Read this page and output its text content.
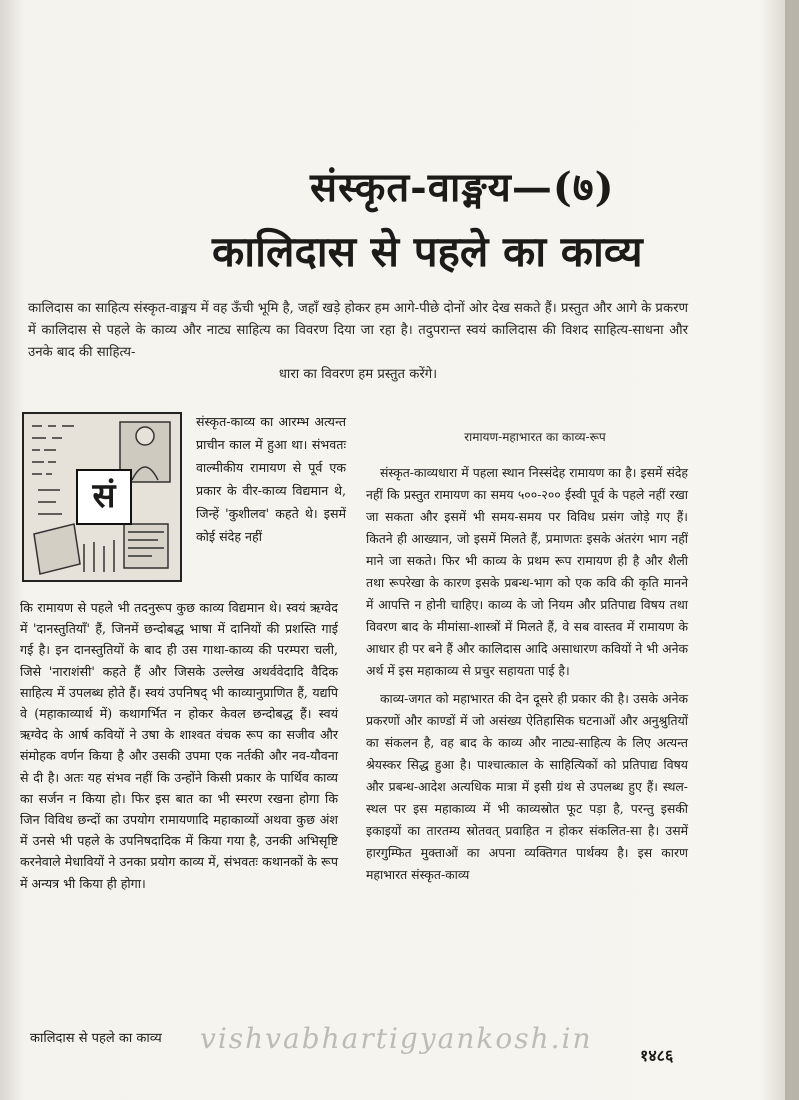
संस्कृत-वाङ्मय—(७)
कालिदास से पहले का काव्य
कालिदास का साहित्य संस्कृत-वाङ्मय में वह ऊँची भूमि है, जहाँ खड़े होकर हम आगे-पीछे दोनों ओर देख सकते हैं। प्रस्तुत और आगे के प्रकरण में कालिदास से पहले के काव्य और नाट्य साहित्य का विवरण दिया जा रहा है। तदुपरान्त स्वयं कालिदास की विशद साहित्य-साधना और उनके बाद की साहित्य-
धारा का विवरण हम प्रस्तुत करेंगे।
सं
संस्कृत-काव्य का आरम्भ अत्यन्त प्राचीन काल में हुआ था। संभवतः वाल्मीकीय रामायण से पूर्व एक प्रकार के वीर-काव्य विद्यमान थे, जिन्हें 'कुशीलव' कहते थे। इसमें कोई संदेह नहीं

कि रामायण से पहले भी तदनुरूप कुछ काव्य विद्यमान थे। स्वयं ऋग्वेद में 'दानस्तुतियाँ' हैं, जिनमें छन्दोबद्ध भाषा में दानियों की प्रशस्ति गाई गई है। इन दानस्तुतियों के बाद ही उस गाथा-काव्य की परम्परा चली, जिसे 'नाराशंसी' कहते हैं और जिसके उल्लेख अथर्ववेदादि वैदिक साहित्य में उपलब्ध होते हैं। स्वयं उपनिषद् भी काव्यानुप्राणित हैं, यद्यपि वे (महाकाव्यार्थ में) कथागर्भित न होकर केवल छन्दोबद्ध हैं। स्वयं ऋग्वेद के आर्ष कवियों ने उषा के शाश्वत वंचक रूप का सजीव और संमोहक वर्णन किया है और उसकी उपमा एक नर्तकी और नव-यौवना से दी है। अतः यह संभव नहीं कि उन्होंने किसी प्रकार के पार्थिव काव्य का सर्जन न किया हो। फिर इस बात का भी स्मरण रखना होगा कि जिन विविध छन्दों का उपयोग रामायणादि महाकाव्यों अथवा कुछ अंश में उनसे भी पहले के उपनिषदादिक में किया गया है, उनकी अभिसृष्टि करनेवाले मेधावियों ने उनका प्रयोग काव्य में, संभवतः कथानकों के रूप में अन्यत्र भी किया ही होगा।

रामायण-महाभारत का काव्य-रूप

संस्कृत-काव्यधारा में पहला स्थान निस्संदेह रामायण का है। इसमें संदेह नहीं कि प्रस्तुत रामायण का समय ५००-२०० ईस्वी पूर्व के पहले नहीं रखा जा सकता और इसमें भी समय-समय पर विविध प्रसंग जोड़े गए हैं। कितने ही आख्यान, जो इसमें मिलते हैं, प्रमाणतः इसके अंतरंग भाग नहीं माने जा सकते। फिर भी काव्य के प्रथम रूप रामायण ही है और शैली तथा रूपरेखा के कारण इसके प्रबन्ध-भाग को एक कवि की कृति मानने में आपत्ति न होनी चाहिए। काव्य के जो नियम और प्रतिपाद्य विषय तथा विवरण बाद के मीमांसा-शास्त्रों में मिलते हैं, वे सब वास्तव में रामायण के आधार ही पर बने हैं और कालिदास आदि असाधारण कवियों ने भी अनेक अर्थ में इस महाकाव्य से प्रचुर सहायता पाई है।

काव्य-जगत को महाभारत की देन दूसरे ही प्रकार की है। उसके अनेक प्रकरणों और काण्डों में जो असंख्य ऐतिहासिक घटनाओं और अनुश्रुतियों का संकलन है, वह बाद के काव्य और नाट्य-साहित्य के लिए अत्यन्त श्रेयस्कर सिद्ध हुआ है। पाश्चात्काल के साहित्यिकों को प्रतिपाद्य विषय और प्रबन्ध-आदेश अत्यधिक मात्रा में इसी ग्रंथ से उपलब्ध हुए हैं। स्थल-स्थल पर इस महाकाव्य में भी काव्यस्रोत फूट पड़ा है, परन्तु इसकी इकाइयों का तारतम्य स्रोतवत् प्रवाहित न होकर संकलित-सा है। उसमें हारगुम्फित मुक्ताओं का अपना व्यक्तिगत पार्थक्य है। इस कारण महाभारत संस्कृत-काव्य

कालिदास से पहले का काव्य vishvabhartigyankosh.in
१४८६
